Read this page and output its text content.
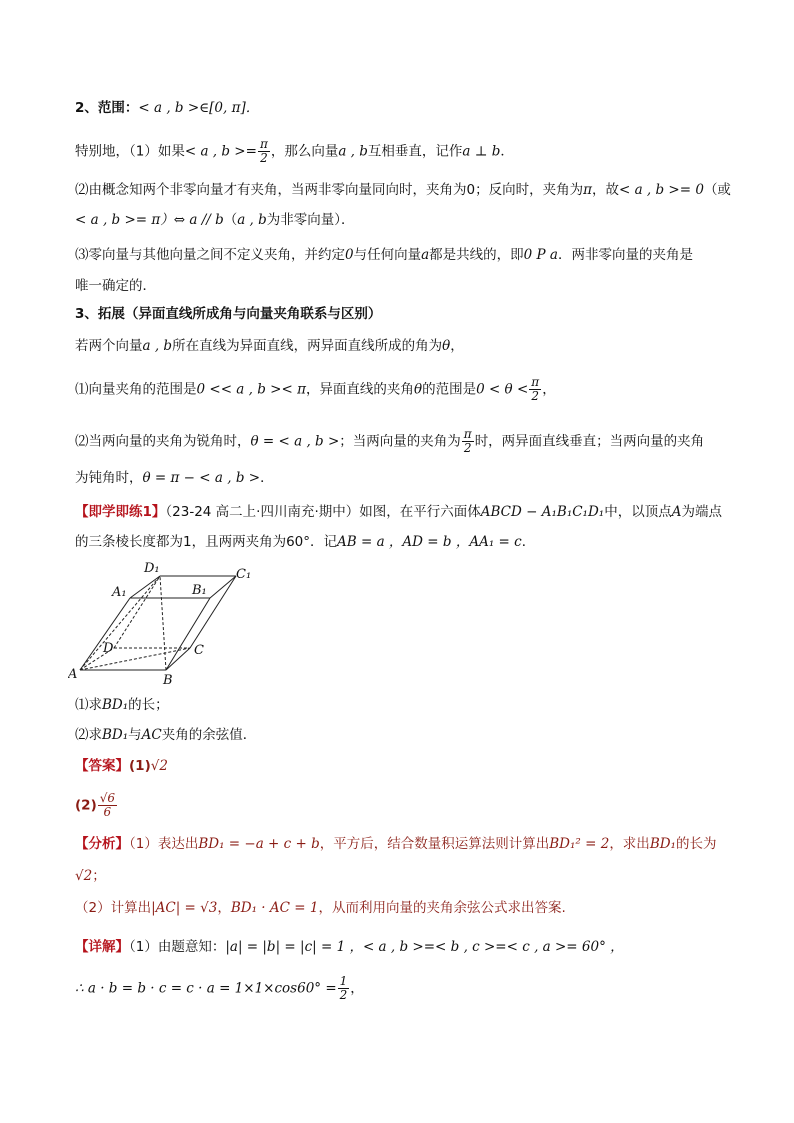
2、范围：< a , b >∈[0, π]．
特别地，（1）如果< a , $b >= \frac{\pi}{2}$ ，那么向量a , b互相垂直，记作a ⊥ b．
⑵由概念知两个非零向量才有夹角，当两非零向量同向时，夹角为0；反向时，夹角为π，故< a , b >= 0（或
< a , b >= π）⇔ a // b（a , b为非零向量）．
⑶零向量与其他向量之间不定义夹角，并约定0与任何向量a都是共线的，即0 P a．两非零向量的夹角是
唯一确定的．
3、拓展（异面直线所成角与向量夹角联系与区别）
若两个向量a , b所在直线为异面直线，两异面直线所成的角为θ，
⑴向量夹角的范围是0 << a , b >< π，异面直线的夹角θ的范围是$0 < \theta < \frac{\pi}{2}$ ，
⑵当两向量的夹角为锐角时，θ = < a , b >；当两向量的夹角为 $\frac{\pi}{2}$ 时，两异面直线垂直；当两向量的夹角
为钝角时，θ = π − < a , b >．
【即学即练1】（23-24 高二上·四川南充·期中）如图，在平行六面体ABCD − A₁B₁C₁D₁中，以顶点A为端点
的三条棱长度都为1，且两两夹角为60°．记AB = a ，AD = b ，AA₁ = c．
A	B
C
D
A₁	B₁
C₁
D₁
⑴求BD₁的长；
⑵求BD₁与AC夹角的余弦值．
【答案】(1)√2
$(2) \frac{√6}{6}$
【分析】（1）表达出BD₁ = −a + c + b，平方后，结合数量积运算法则计算出BD₁² = 2，求出BD₁的长为
√2；
（2）计算出|AC| = √3，BD₁ · AC = 1，从而利用向量的夹角余弦公式求出答案.
【详解】（1）由题意知：|a| = |b| = |c| = 1 ，< a , b >=< b , c >=< c , a >= 60° ，
∴ $a \cdot b = b \cdot c = c \cdot a = 1\times 1\times\cos 60^\circ = \frac{1}{2}$ ，
